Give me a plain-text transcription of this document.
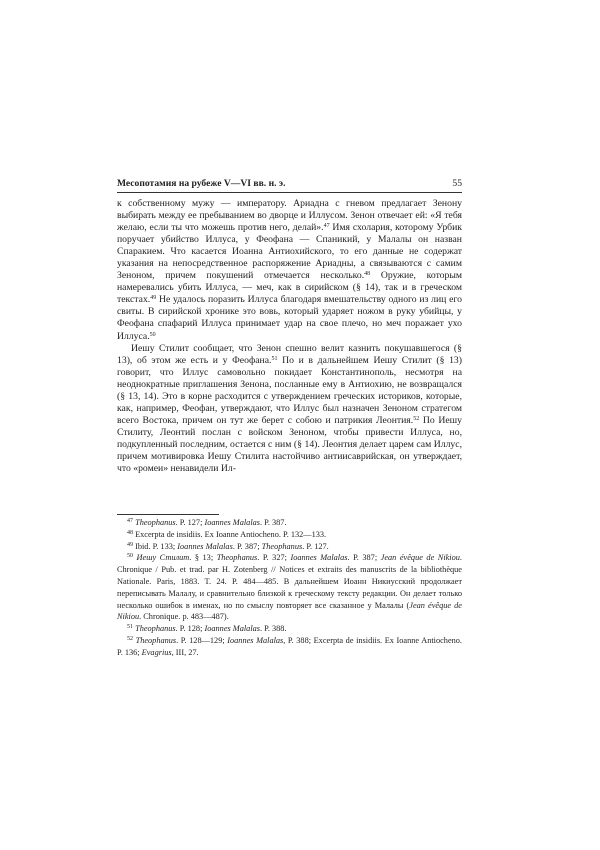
Месопотамия на рубеже V—VI вв. н. э.	55

к собственному мужу — императору. Ариадна с гневом предлагает Зенону выбирать между ее пребыванием во дворце и Иллусом. Зенон отвечает ей: «Я тебя желаю, если ты что можешь против него, делай».$^{47}$ Имя схолария, которому Урбик поручает убийство Иллуса, у Феофана — Спаникий, у Малалы он назван Спаракием. Что касается Иоанна Антиохийского, то его данные не содержат указания на непосредственное распоряжение Ариадны, а связываются с самим Зеноном, причем покушений отмечается несколько.$^{48}$ Оружие, которым намеревались убить Иллуса, — меч, как в сирийском (§ 14), так и в греческом текстах.$^{49}$ Не удалось поразить Иллуса благодаря вмешательству одного из лиц его свиты. В сирийской хронике это вовь, который ударяет ножом в руку убийцы, у Феофана спафарий Иллуса принимает удар на свое плечо, но меч поражает ухо Иллуса.$^{50}$

Иешу Стилит сообщает, что Зенон спешно велит казнить покушавшегося (§ 13), об этом же есть и у Феофана.$^{51}$ По и в дальнейшем Иешу Стилит (§ 13) говорит, что Иллус самовольно покидает Константинополь, несмотря на неоднократные приглашения Зенона, посланные ему в Антиохию, не возвращался (§ 13, 14). Это в корне расходится с утверждением греческих историков, которые, как, например, Феофан, утверждают, что Иллус был назначен Зеноном стратегом всего Востока, причем он тут же берет с собою и патрикия Леонтия.$^{52}$ По Иешу Стилиту, Леонтий послан с войском Зеноном, чтобы привести Иллуса, но, подкупленный последним, остается с ним (§ 14). Леонтия делает царем сам Иллус, причем мотивировка Иешу Стилита настойчиво антиисаврийская, он утверждает, что «ромеи» ненавидели Ил-

$^{47}$ Theophanus. P. 127; Ioannes Malalas. P. 387.

$^{48}$ Excerpta de insidiis. Ex Ioanne Antiocheno. P. 132—133.

$^{49}$ Ibid. P. 133; Ioannes Malalas. P. 387; Theophanus. P. 127.

$^{50}$ Иешу Стилит. § 13; Theophanus. P. 327; Ioannes Malalas. P. 387; Jean évêque de Nikiou. Chronique / Pub. et trad. par H. Zotenberg // Notices et extraits des manuscrits de la bibliothèque Nationale. Paris, 1883. T. 24. P. 484—485. В дальнейшем Иоанн Никиусский продолжает переписывать Малалу, и сравнительно близкой к греческому тексту редакции. Он делает только несколько ошибок в именах, но по смыслу повторяет все сказанное у Малалы (Jean évêque de Nikiou. Chronique. p. 483—487).

$^{51}$ Theophanus. P. 128; Ioannes Malalas. P. 388.

$^{52}$ Theophanus. P. 128—129; Ioannes Malalas, P. 388; Excerpta de insidiis. Ex Ioanne Antiocheno. P. 136; Evagrius, III, 27.
